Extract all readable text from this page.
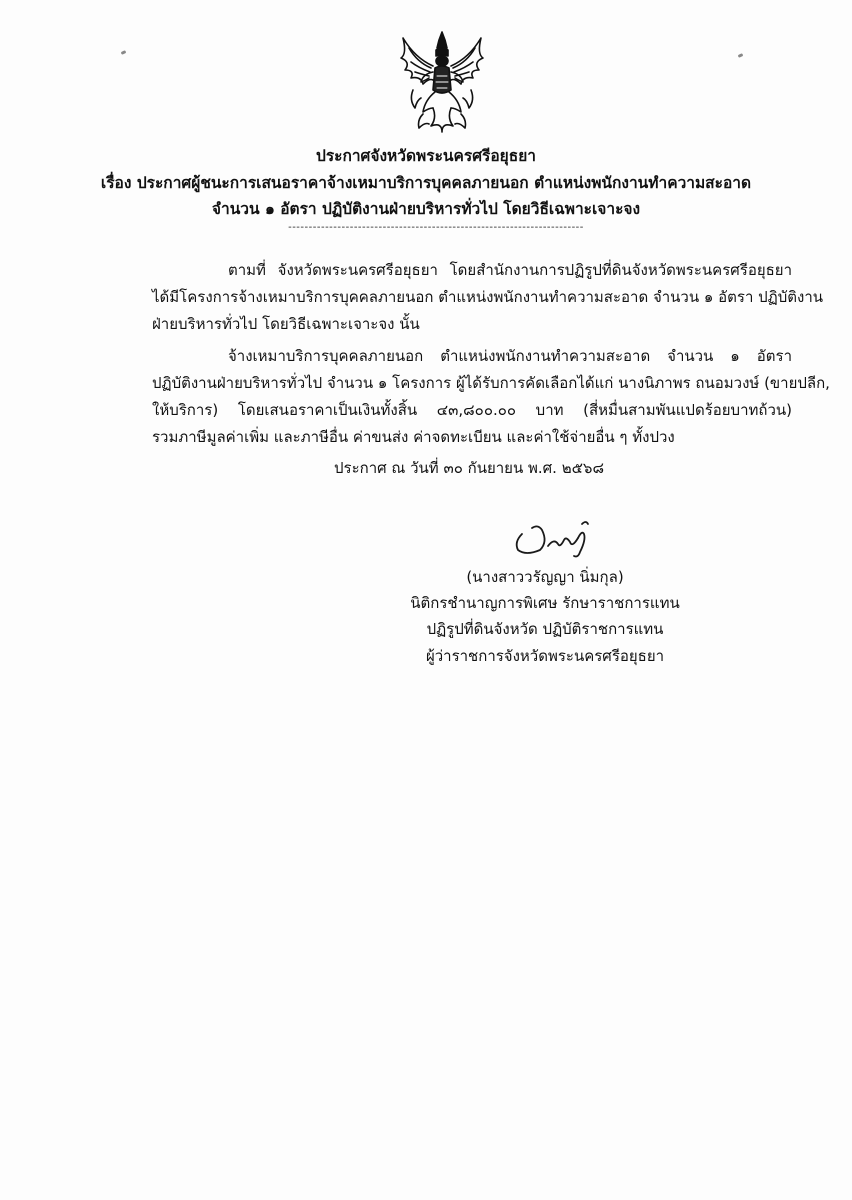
ประกาศจังหวัดพระนครศรีอยุธยา
เรื่อง ประกาศผู้ชนะการเสนอราคาจ้างเหมาบริการบุคคลภายนอก ตำแหน่งพนักงานทำความสะอาด
จำนวน ๑ อัตรา ปฏิบัติงานฝ่ายบริหารทั่วไป โดยวิธีเฉพาะเจาะจง
------------------------------------------------------------------------
ตามที่ จังหวัดพระนครศรีอยุธยา โดยสำนักงานการปฏิรูปที่ดินจังหวัดพระนครศรีอยุธยา
ได้มีโครงการจ้างเหมาบริการบุคคลภายนอก ตำแหน่งพนักงานทำความสะอาด จำนวน ๑ อัตรา ปฏิบัติงาน
ฝ่ายบริหารทั่วไป โดยวิธีเฉพาะเจาะจง นั้น
จ้างเหมาบริการบุคคลภายนอก ตำแหน่งพนักงานทำความสะอาด จำนวน ๑ อัตรา
ปฏิบัติงานฝ่ายบริหารทั่วไป จำนวน ๑ โครงการ ผู้ได้รับการคัดเลือกได้แก่ นางนิภาพร ถนอมวงษ์ (ขายปลีก,
ให้บริการ) โดยเสนอราคาเป็นเงินทั้งสิ้น ๔๓,๘๐๐.๐๐ บาท (สี่หมื่นสามพันแปดร้อยบาทถ้วน)
รวมภาษีมูลค่าเพิ่ม และภาษีอื่น ค่าขนส่ง ค่าจดทะเบียน และค่าใช้จ่ายอื่น ๆ ทั้งปวง
ประกาศ ณ วันที่ ๓๐ กันยายน พ.ศ. ๒๕๖๘
(นางสาววรัญญา นิ่มกุล)
นิติกรชำนาญการพิเศษ รักษาราชการแทน
ปฏิรูปที่ดินจังหวัด ปฏิบัติราชการแทน
ผู้ว่าราชการจังหวัดพระนครศรีอยุธยา
